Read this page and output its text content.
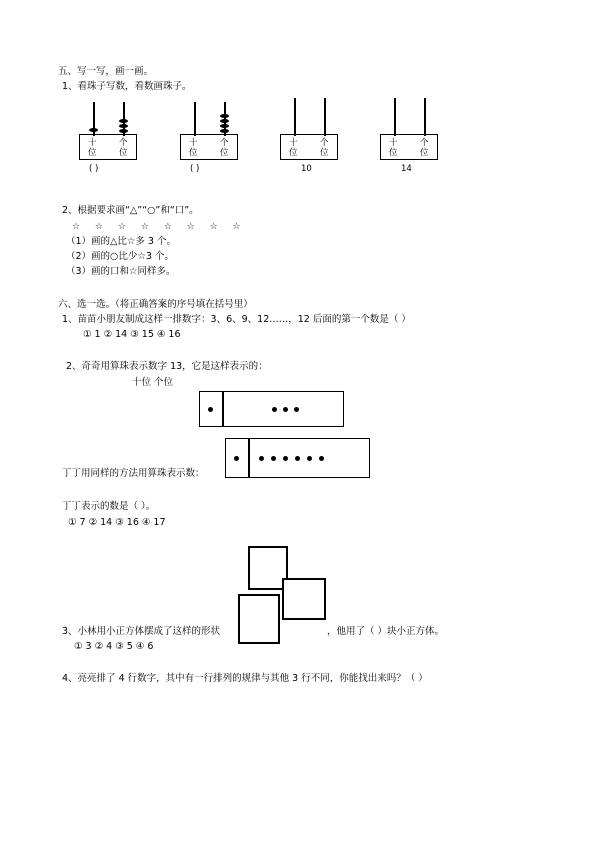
五、写一写，画一画。
1、看珠子写数，看数画珠子。
十 位
个 位
( )
十 位
个 位
( )
十 位
个 位
10
十 位
个 位
14
2、根据要求画“△”“○”和“口”。
☆ ☆ ☆ ☆ ☆ ☆ ☆ ☆
（1）画的△比☆多 3 个。
（2）画的○比少☆3 个。
（3）画的口和☆同样多。
六、选一选。（将正确答案的序号填在括号里）
1、苗苗小朋友制成这样一排数字：3、6、9、12……，12 后面的第一个数是（ ）
① 1 ② 14 ③ 15 ④ 16
2、奇奇用算珠表示数字 13，它是这样表示的：
十位 个位
丁丁用同样的方法用算珠表示数：
丁丁表示的数是（ ）。
① 7 ② 14 ③ 16 ④ 17
3、小林用小正方体摆成了这样的形状	，他用了（ ）块小正方体。
① 3 ② 4 ③ 5 ④ 6
4、亮亮排了 4 行数字，其中有一行排列的规律与其他 3 行不同，你能找出来吗？（ ）
